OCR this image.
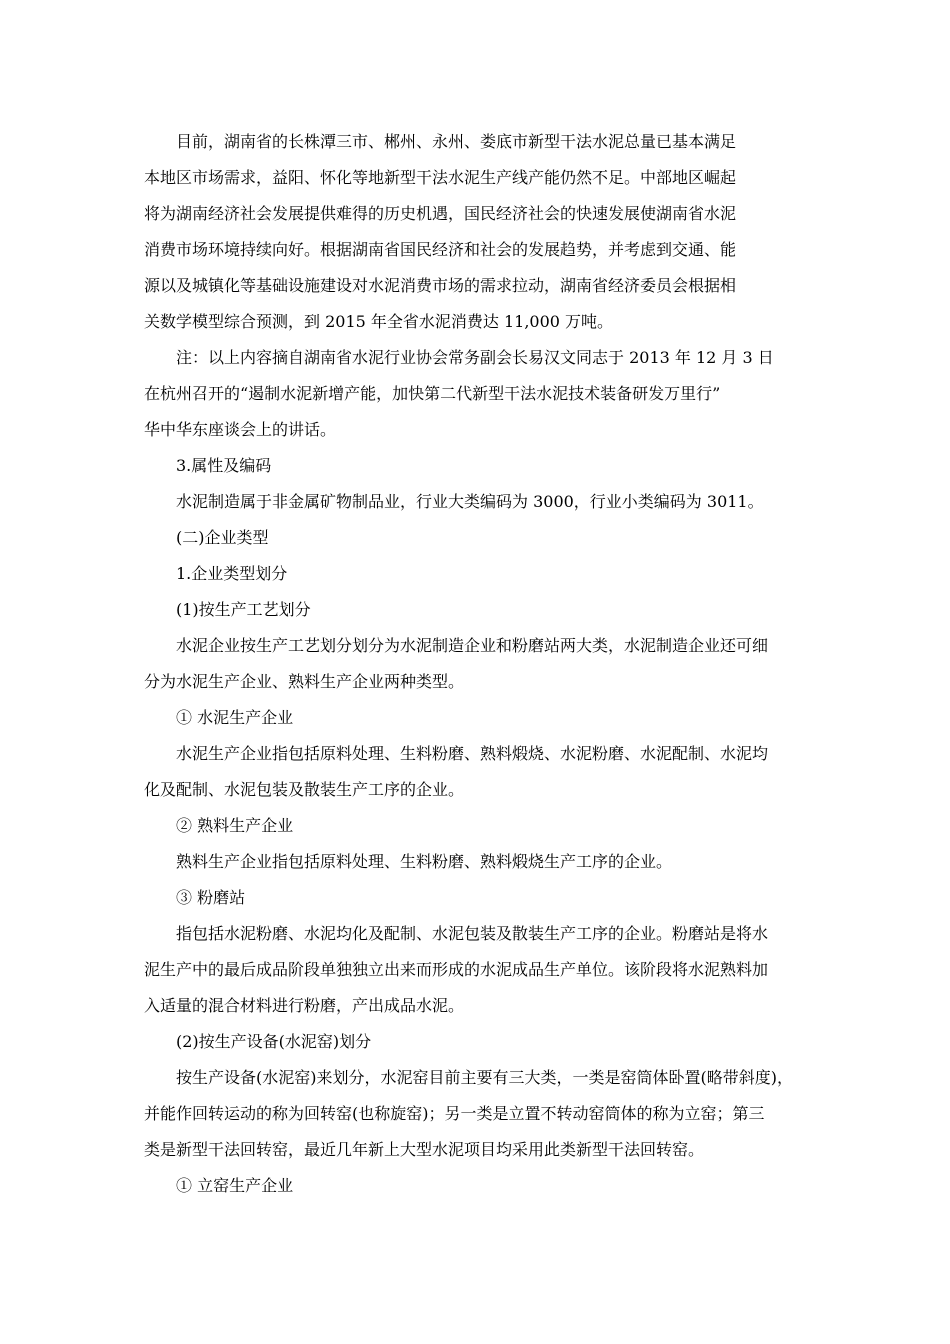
目前，湖南省的长株潭三市、郴州、永州、娄底市新型干法水泥总量已基本满足
本地区市场需求，益阳、怀化等地新型干法水泥生产线产能仍然不足。中部地区崛起
将为湖南经济社会发展提供难得的历史机遇，国民经济社会的快速发展使湖南省水泥
消费市场环境持续向好。根据湖南省国民经济和社会的发展趋势，并考虑到交通、能
源以及城镇化等基础设施建设对水泥消费市场的需求拉动，湖南省经济委员会根据相
关数学模型综合预测，到 2015 年全省水泥消费达 11,000 万吨。
注：以上内容摘自湖南省水泥行业协会常务副会长易汉文同志于 2013 年 12 月 3 日
在杭州召开的“遏制水泥新增产能，加快第二代新型干法水泥技术装备研发万里行”
华中华东座谈会上的讲话。

3.属性及编码

水泥制造属于非金属矿物制品业，行业大类编码为 3000，行业小类编码为 3011。

(二)企业类型

1.企业类型划分

(1)按生产工艺划分

水泥企业按生产工艺划分划分为水泥制造企业和粉磨站两大类，水泥制造企业还可细
分为水泥生产企业、熟料生产企业两种类型。

① 水泥生产企业

水泥生产企业指包括原料处理、生料粉磨、熟料煅烧、水泥粉磨、水泥配制、水泥均
化及配制、水泥包装及散装生产工序的企业。

② 熟料生产企业

熟料生产企业指包括原料处理、生料粉磨、熟料煅烧生产工序的企业。

③ 粉磨站

指包括水泥粉磨、水泥均化及配制、水泥包装及散装生产工序的企业。粉磨站是将水
泥生产中的最后成品阶段单独独立出来而形成的水泥成品生产单位。该阶段将水泥熟料加
入适量的混合材料进行粉磨，产出成品水泥。

(2)按生产设备(水泥窑)划分

按生产设备(水泥窑)来划分，水泥窑目前主要有三大类，一类是窑筒体卧置(略带斜度)，
并能作回转运动的称为回转窑(也称旋窑)；另一类是立置不转动窑筒体的称为立窑；第三
类是新型干法回转窑，最近几年新上大型水泥项目均采用此类新型干法回转窑。

① 立窑生产企业
